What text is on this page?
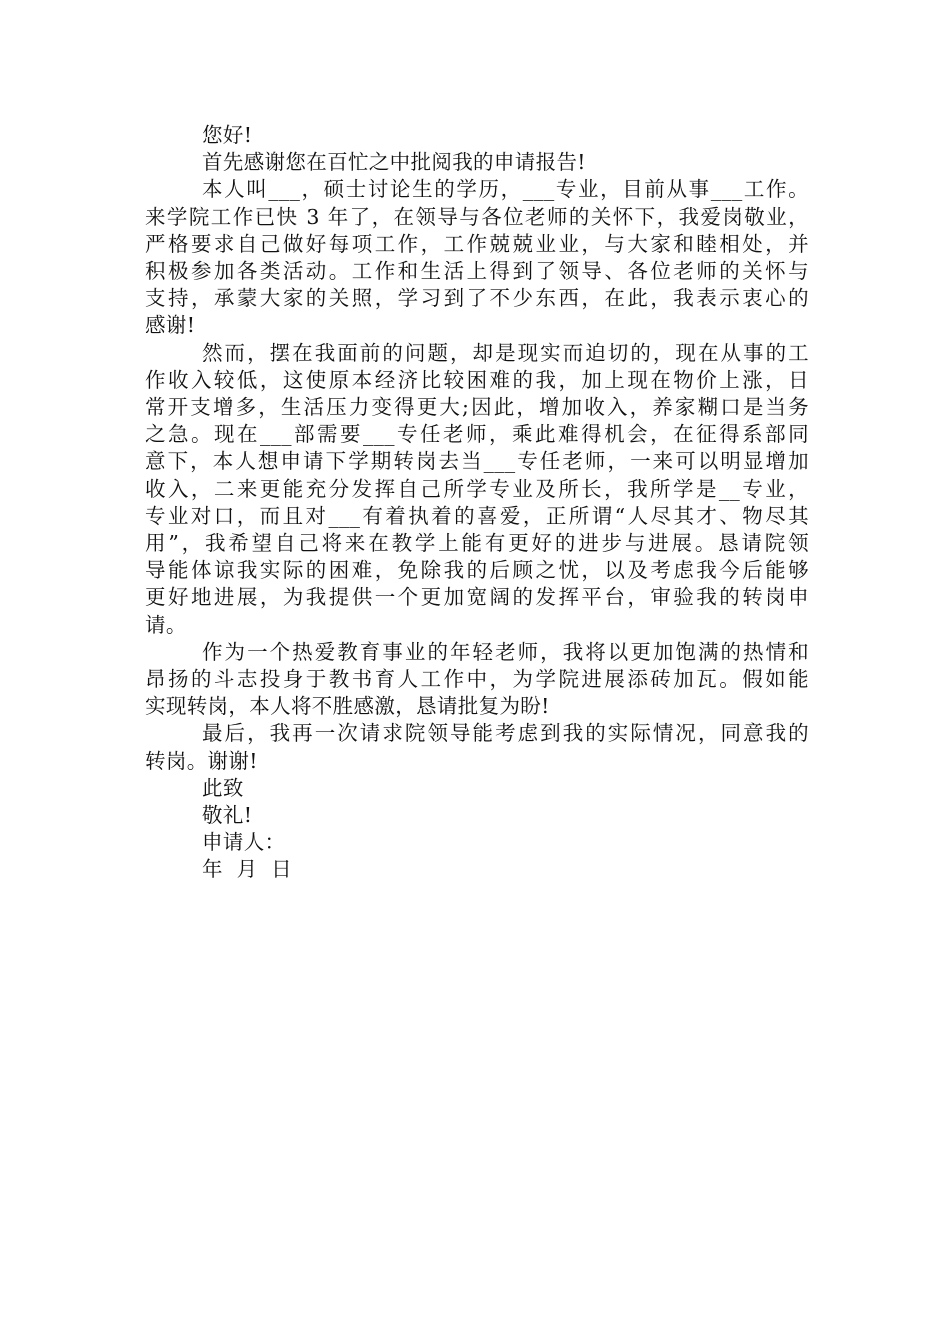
您好!
首先感谢您在百忙之中批阅我的申请报告!
本人叫___，硕士讨论生的学历，___专业，目前从事___工作。
来学院工作已快 3 年了，在领导与各位老师的关怀下，我爱岗敬业，
严格要求自己做好每项工作，工作兢兢业业，与大家和睦相处，并
积极参加各类活动。工作和生活上得到了领导、各位老师的关怀与
支持，承蒙大家的关照，学习到了不少东西，在此，我表示衷心的
感谢!
然而，摆在我面前的问题，却是现实而迫切的，现在从事的工
作收入较低，这使原本经济比较困难的我，加上现在物价上涨，日
常开支增多，生活压力变得更大;因此，增加收入，养家糊口是当务
之急。现在___部需要___专任老师，乘此难得机会，在征得系部同
意下，本人想申请下学期转岗去当___专任老师，一来可以明显增加
收入，二来更能充分发挥自己所学专业及所长，我所学是__专业，
专业对口，而且对___有着执着的喜爱，正所谓“人尽其才、物尽其
用”，我希望自己将来在教学上能有更好的进步与进展。恳请院领
导能体谅我实际的困难，免除我的后顾之忧，以及考虑我今后能够
更好地进展，为我提供一个更加宽阔的发挥平台，审验我的转岗申
请。
作为一个热爱教育事业的年轻老师，我将以更加饱满的热情和
昂扬的斗志投身于教书育人工作中，为学院进展添砖加瓦。假如能
实现转岗，本人将不胜感激，恳请批复为盼!
最后，我再一次请求院领导能考虑到我的实际情况，同意我的
转岗。谢谢!
此致
敬礼!
申请人：
年  月  日
